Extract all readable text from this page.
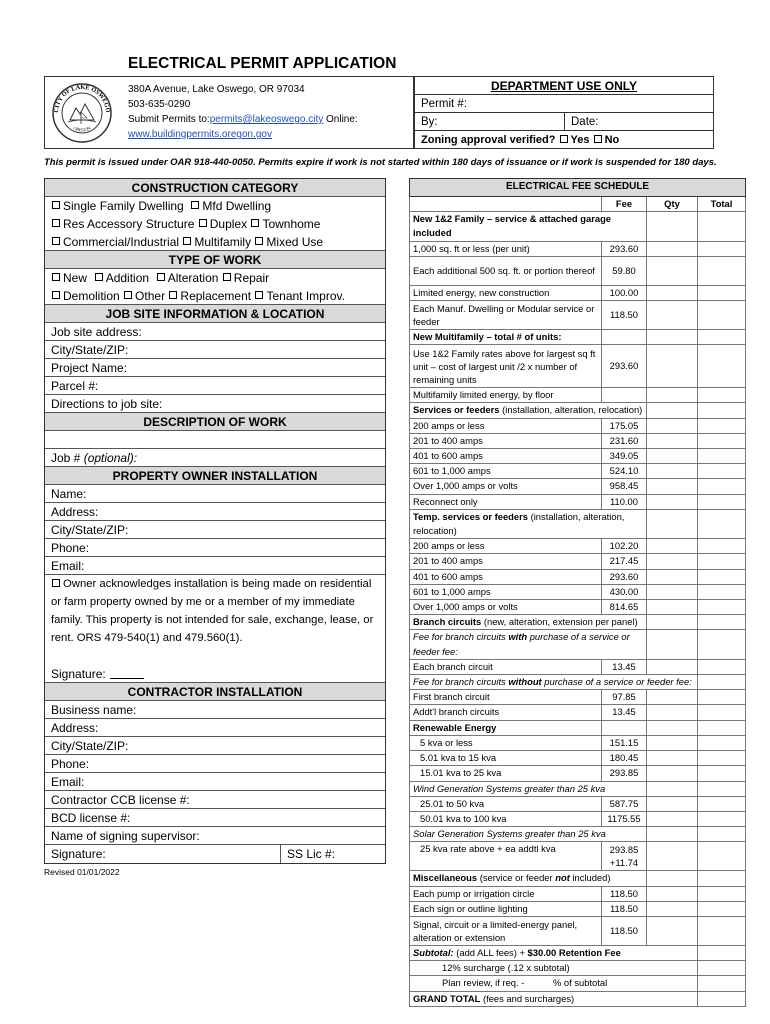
ELECTRICAL PERMIT APPLICATION
CITY OF LAKE OSWEGO
OREGON
380A Avenue, Lake Oswego, OR 97034
503-635-0290
Submit Permits to:permits@lakeoswego.city Online:
www.buildingpermits.oregon.gov
DEPARTMENT USE ONLY
Permit #:
By:	Date:
Zoning approval verified?
Yes
No
This permit is issued under OAR 918-440-0050. Permits expire if work is not started within 180 days of issuance or if work is suspended for 180 days.
CONSTRUCTION CATEGORY
Single Family Dwelling
Mfd Dwelling
Res Accessory Structure
Duplex
Townhome
Commercial/Industrial
Multifamily
Mixed Use
TYPE OF WORK
New
Addition
Alteration
Repair
Demolition
Other
Replacement
Tenant Improv.
JOB SITE INFORMATION & LOCATION
Job site address:
City/State/ZIP:
Project Name:
Parcel #:
Directions to job site:
DESCRIPTION OF WORK
Job #
(optional):
PROPERTY OWNER INSTALLATION
Name:
Address:
City/State/ZIP:
Phone:
Email:
Owner acknowledges installation is being made on residential or farm property owned by me or a member of my immediate family. This property is not intended for sale, exchange, lease, or rent. ORS 479-540(1) and 479.560(1).
Signature:
CONTRACTOR INSTALLATION
Business name:
Address:
City/State/ZIP:
Phone:
Email:
Contractor CCB license #:
BCD license #:
Name of signing supervisor:
Signature:	SS Lic #:
Revised 01/01/2022
ELECTRICAL FEE SCHEDULE			
	Fee	Qty	Total
New 1&2 Family – service & attached garage included			
1,000 sq. ft or less (per unit)	293.60		
Each additional 500 sq. ft. or portion thereof	59.80		
Limited energy, new construction	100.00		
Each Manuf. Dwelling or Modular service or feeder	118.50		
New Multifamily – total # of units:			
Use 1&2 Family rates above for largest sq ft unit – cost of largest unit /2 x number of remaining units	293.60		
Multifamily limited energy, by floor			
Services or feeders (installation, alteration, relocation)			
200 amps or less	175.05		
201 to 400 amps	231.60		
401 to 600 amps	349.05		
601 to 1,000 amps	524.10		
Over 1,000 amps or volts	958.45		
Reconnect only	110.00		
Temp. services or feeders (installation, alteration, relocation)			
200 amps or less	102.20		
201 to 400 amps	217.45		
401 to 600 amps	293.60		
601 to 1,000 amps	430.00		
Over 1,000 amps or volts	814.65		
Branch circuits (new, alteration, extension per panel)			
Fee for branch circuits with purchase of a service or feeder fee:			
Each branch circuit	13.45		
Fee for branch circuits without purchase of a service or feeder fee:			
First branch circuit	97.85		
Addt'l branch circuits	13.45		
Renewable Energy			
5 kva or less	151.15		
5.01 kva to 15 kva	180.45		
15.01 kva to 25 kva	293.85		
Wind Generation Systems greater than 25 kva			
25.01 to 50 kva	587.75		
50.01 kva to 100 kva	1175.55		
Solar Generation Systems greater than 25 kva			
25 kva rate above + ea addtl kva	293.85
+11.74		

Miscellaneous (service or feeder not included)			
Each pump or irrigation circle	118.50		
Each sign or outline lighting	118.50		
Signal, circuit or a limited-energy panel, alteration or extension	118.50		
Subtotal: (add ALL fees) + $30.00 Retention Fee			
12% surcharge (.12 x subtotal)			
Plan review, if req. -           % of subtotal			
GRAND TOTAL (fees and surcharges)			
